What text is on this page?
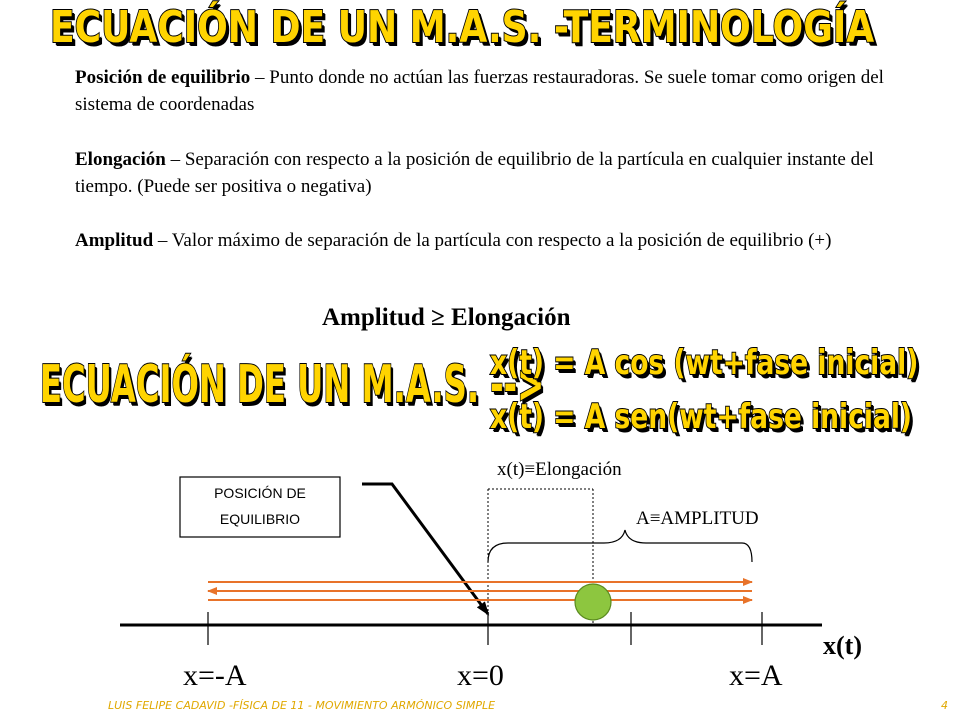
ECUACIÓN DE UN M.A.S. -TERMINOLOGÍA
Posición de equilibrio – Punto donde no actúan las fuerzas restauradoras. Se suele tomar como origen del sistema de coordenadas
Elongación – Separación con respecto a la posición de equilibrio de la partícula en cualquier instante del tiempo. (Puede ser positiva o negativa)
Amplitud – Valor máximo de separación de la partícula con respecto a la posición de equilibrio (+)
Amplitud ≥ Elongación
ECUACIÓN DE UN M.A.S. -->
x(t) = A cos (wt+fase inicial)
x(t) = A sen(wt+fase inicial)
POSICIÓN DE
EQUILIBRIO
x(t)≡Elongación
A≡AMPLITUD
x(t)
x=-A	x=0	x=A
LUIS FELIPE CADAVID -FÍSICA DE 11 - MOVIMIENTO ARMÓNICO SIMPLE	4
